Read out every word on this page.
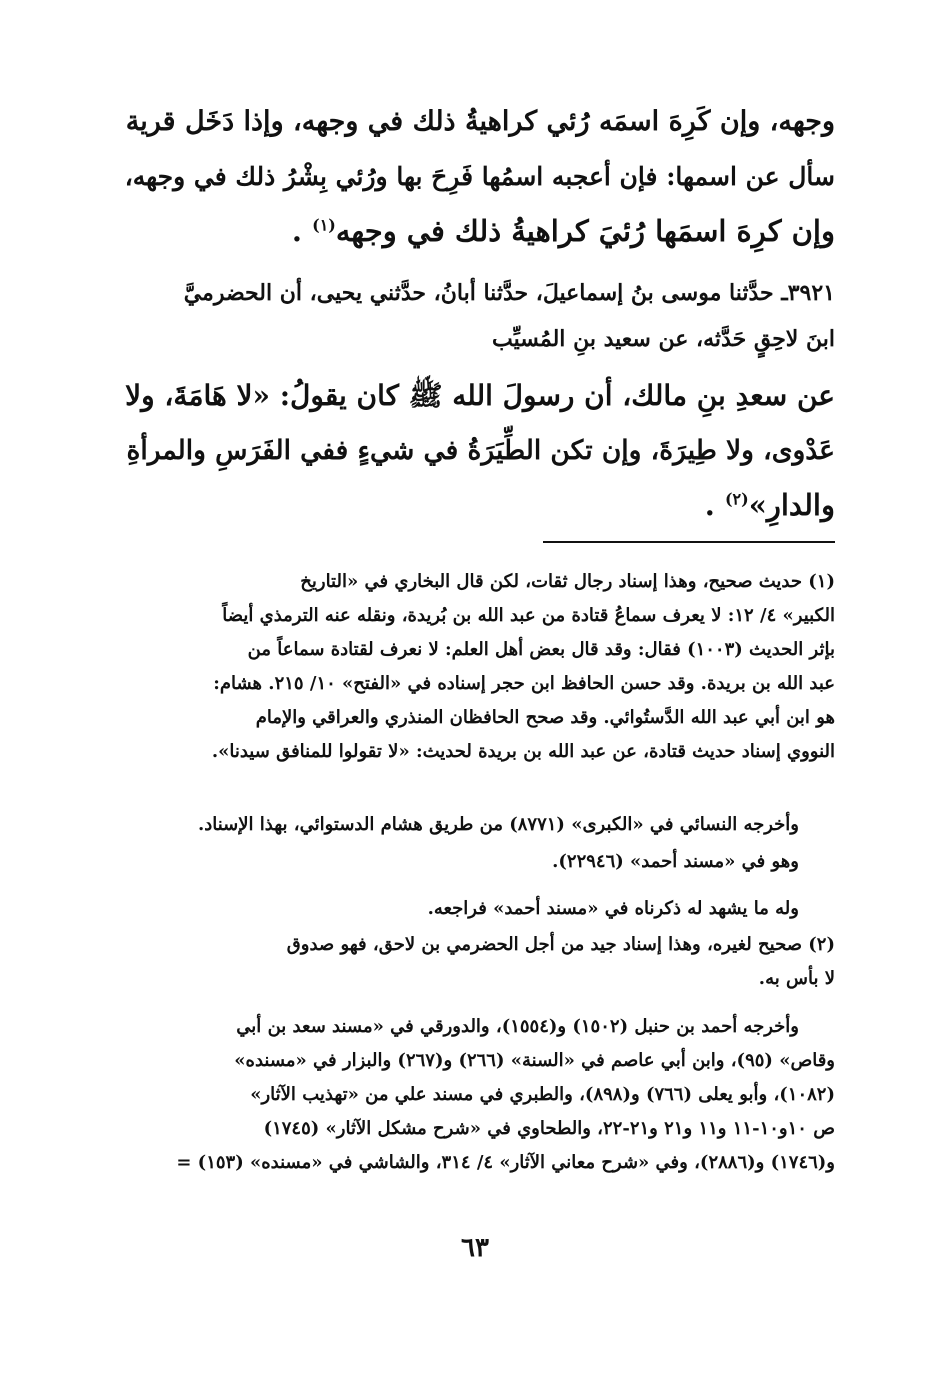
وجهه، وإن كَرِهَ اسمَه رُئي كراهيةُ ذلك في وجهه، وإذا دَخَل قرية
سأل عن اسمها: فإن أعجبه اسمُها فَرِحَ بها ورُئي بِشْرُ ذلك في وجهه،
وإن كرِهَ اسمَها رُئيَ كراهيةُ ذلك في وجهه$^{(١)}$ .
٣٩٢١ـ حدَّثنا موسى بنُ إسماعيلَ، حدَّثنا أبانُ، حدَّثني يحيى، أن الحضرميَّ
ابنَ لاحِقٍ حَدَّثه، عن سعيد بنِ المُسيِّب
عن سعدِ بنِ مالك، أن رسولَ الله ﷺ كان يقولُ: «لا هَامَةَ، ولا
عَدْوى، ولا طِيرَةَ، وإن تكن الطِّيَرَةُ في شيءٍ ففي الفَرَسِ والمرأةِ
والدارِ»$^{(٢)}$ .
(١) حديث صحيح، وهذا إسناد رجال ثقات، لكن قال البخاري في «التاريخ
الكبير» ٤/ ١٢: لا يعرف سماعُ قتادة من عبد الله بن بُريدة، ونقله عنه الترمذي أيضاً
بإثر الحديث (١٠٠٣) فقال: وقد قال بعض أهل العلم: لا نعرف لقتادة سماعاً من
عبد الله بن بريدة. وقد حسن الحافظ ابن حجر إسناده في «الفتح» ١٠/ ٢١٥. هشام:
هو ابن أبي عبد الله الدَّستُوائي. وقد صحح الحافظان المنذري والعراقي والإمام
النووي إسناد حديث قتادة، عن عبد الله بن بريدة لحديث: «لا تقولوا للمنافق سيدنا».
وأخرجه النسائي في «الكبرى» (٨٧٧١) من طريق هشام الدستوائي، بهذا الإسناد.
وهو في «مسند أحمد» (٢٢٩٤٦).
وله ما يشهد له ذكرناه في «مسند أحمد» فراجعه.
(٢) صحيح لغيره، وهذا إسناد جيد من أجل الحضرمي بن لاحق، فهو صدوق
لا بأس به.
وأخرجه أحمد بن حنبل (١٥٠٢) و(١٥٥٤)، والدورقي في «مسند سعد بن أبي
وقاص» (٩٥)، وابن أبي عاصم في «السنة» (٢٦٦) و(٢٦٧) والبزار في «مسنده»
(١٠٨٢)، وأبو يعلى (٧٦٦) و(٨٩٨)، والطبري في مسند علي من «تهذيب الآثار»
ص ١٠و١٠-١١ و١١ و٢١ و٢١-٢٢، والطحاوي في «شرح مشكل الآثار» (١٧٤٥)
و(١٧٤٦) و(٢٨٨٦)، وفي «شرح معاني الآثار» ٤/ ٣١٤، والشاشي في «مسنده» (١٥٣) =
٦٣
